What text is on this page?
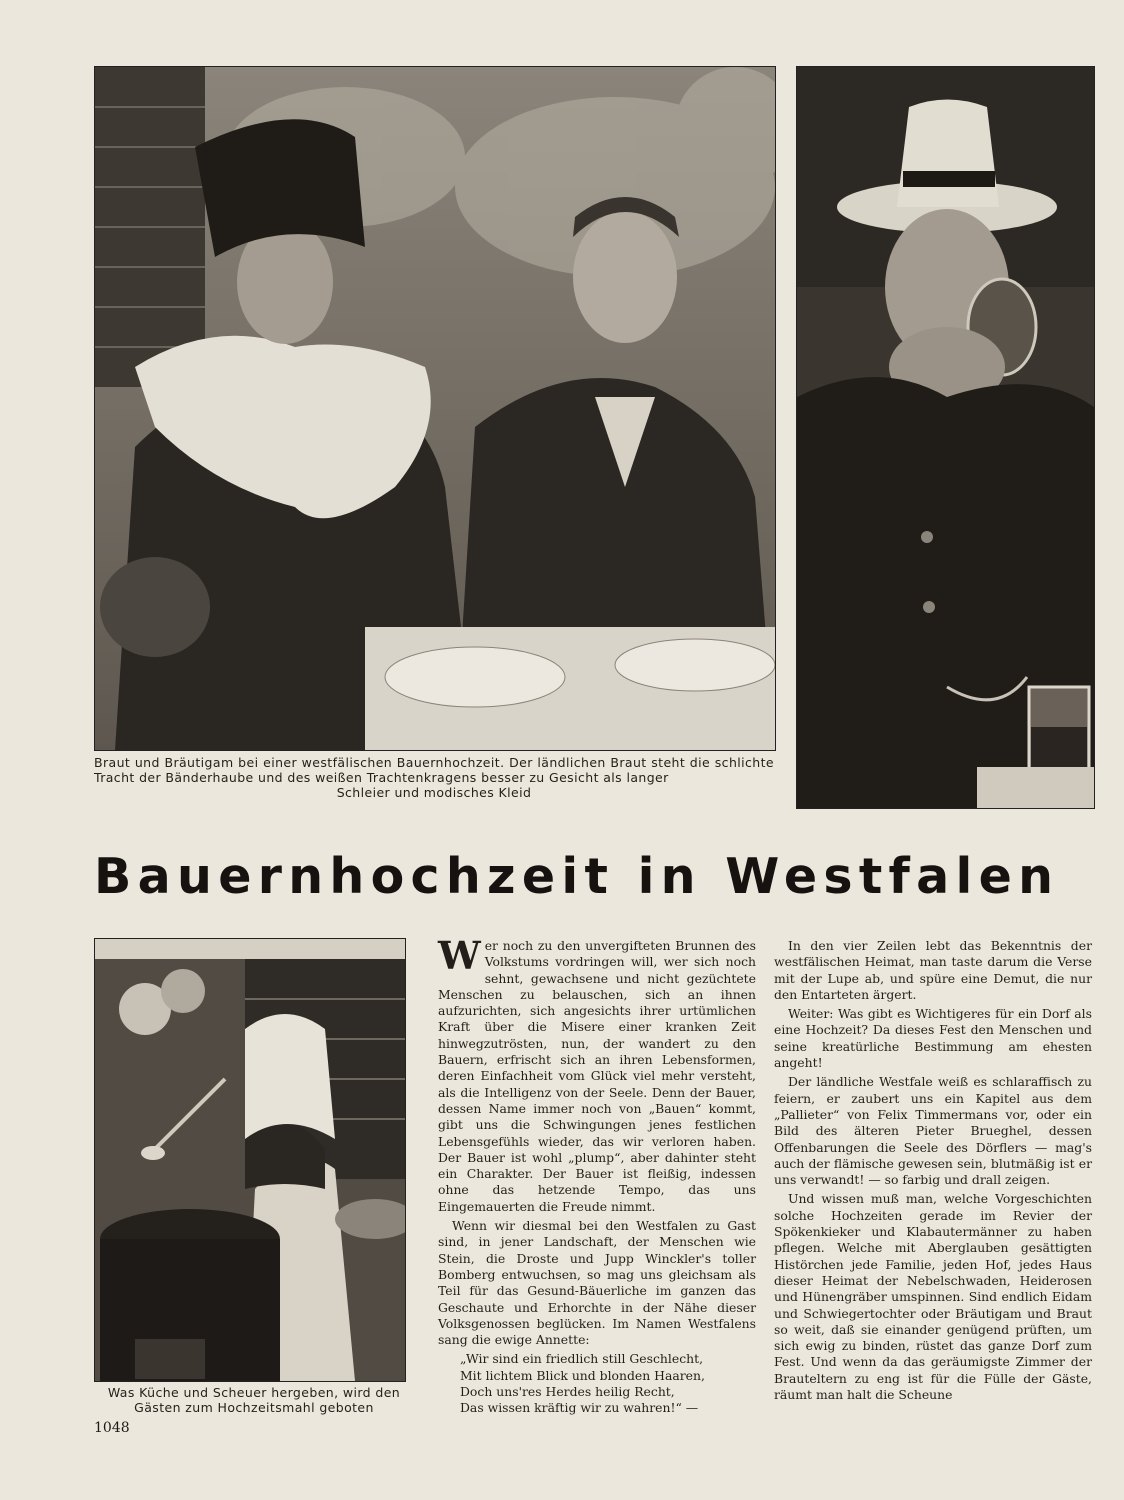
Braut und Bräutigam bei einer westfälischen Bauernhochzeit. Der ländlichen Braut steht die schlichte Tracht der Bänderhaube und des weißen Trachtenkragens besser zu Gesicht als langer
Schleier und modisches Kleid
Bauernhochzeit in Westfalen
Was Küche und Scheuer hergeben, wird den Gästen zum Hochzeitsmahl geboten

Wer noch zu den unvergifteten Brunnen des Volkstums vordringen will, wer sich noch sehnt, gewachsene und nicht gezüchtete Menschen zu belauschen, sich an ihnen aufzurichten, sich angesichts ihrer urtümlichen Kraft über die Misere einer kranken Zeit hinwegzutrösten, nun, der wandert zu den Bauern, erfrischt sich an ihren Lebensformen, deren Einfachheit vom Glück viel mehr versteht, als die Intelligenz von der Seele. Denn der Bauer, dessen Name immer noch von „Bauen“ kommt, gibt uns die Schwingungen jenes festlichen Lebensgefühls wieder, das wir verloren haben. Der Bauer ist wohl „plump“, aber dahinter steht ein Charakter. Der Bauer ist fleißig, indessen ohne das hetzende Tempo, das uns Eingemauerten die Freude nimmt.

Wenn wir diesmal bei den Westfalen zu Gast sind, in jener Landschaft, der Menschen wie Stein, die Droste und Jupp Winckler's toller Bomberg entwuchsen, so mag uns gleichsam als Teil für das Gesund-Bäuerliche im ganzen das Geschaute und Erhorchte in der Nähe dieser Volksgenossen beglücken. Im Namen Westfalens sang die ewige Annette:

„Wir sind ein friedlich still Geschlecht,
Mit lichtem Blick und blonden Haaren,
Doch uns'res Herdes heilig Recht,
Das wissen kräftig wir zu wahren!“ —

In den vier Zeilen lebt das Bekenntnis der westfälischen Heimat, man taste darum die Verse mit der Lupe ab, und spüre eine Demut, die nur den Entarteten ärgert.

Weiter: Was gibt es Wichtigeres für ein Dorf als eine Hochzeit? Da dieses Fest den Menschen und seine kreatürliche Bestimmung am ehesten angeht!

Der ländliche Westfale weiß es schlaraffisch zu feiern, er zaubert uns ein Kapitel aus dem „Pallieter“ von Felix Timmermans vor, oder ein Bild des älteren Pieter Brueghel, dessen Offenbarungen die Seele des Dörflers — mag's auch der flämische gewesen sein, blutmäßig ist er uns verwandt! — so farbig und drall zeigen.

Und wissen muß man, welche Vorgeschichten solche Hochzeiten gerade im Revier der Spökenkieker und Klabautermänner zu haben pflegen. Welche mit Aberglauben gesättigten Histörchen jede Familie, jeden Hof, jedes Haus dieser Heimat der Nebelschwaden, Heiderosen und Hünengräber umspinnen. Sind endlich Eidam und Schwiegertochter oder Bräutigam und Braut so weit, daß sie einander genügend prüften, um sich ewig zu binden, rüstet das ganze Dorf zum Fest. Und wenn da das geräumigste Zimmer der Brauteltern zu eng ist für die Fülle der Gäste, räumt man halt die Scheune

1048
